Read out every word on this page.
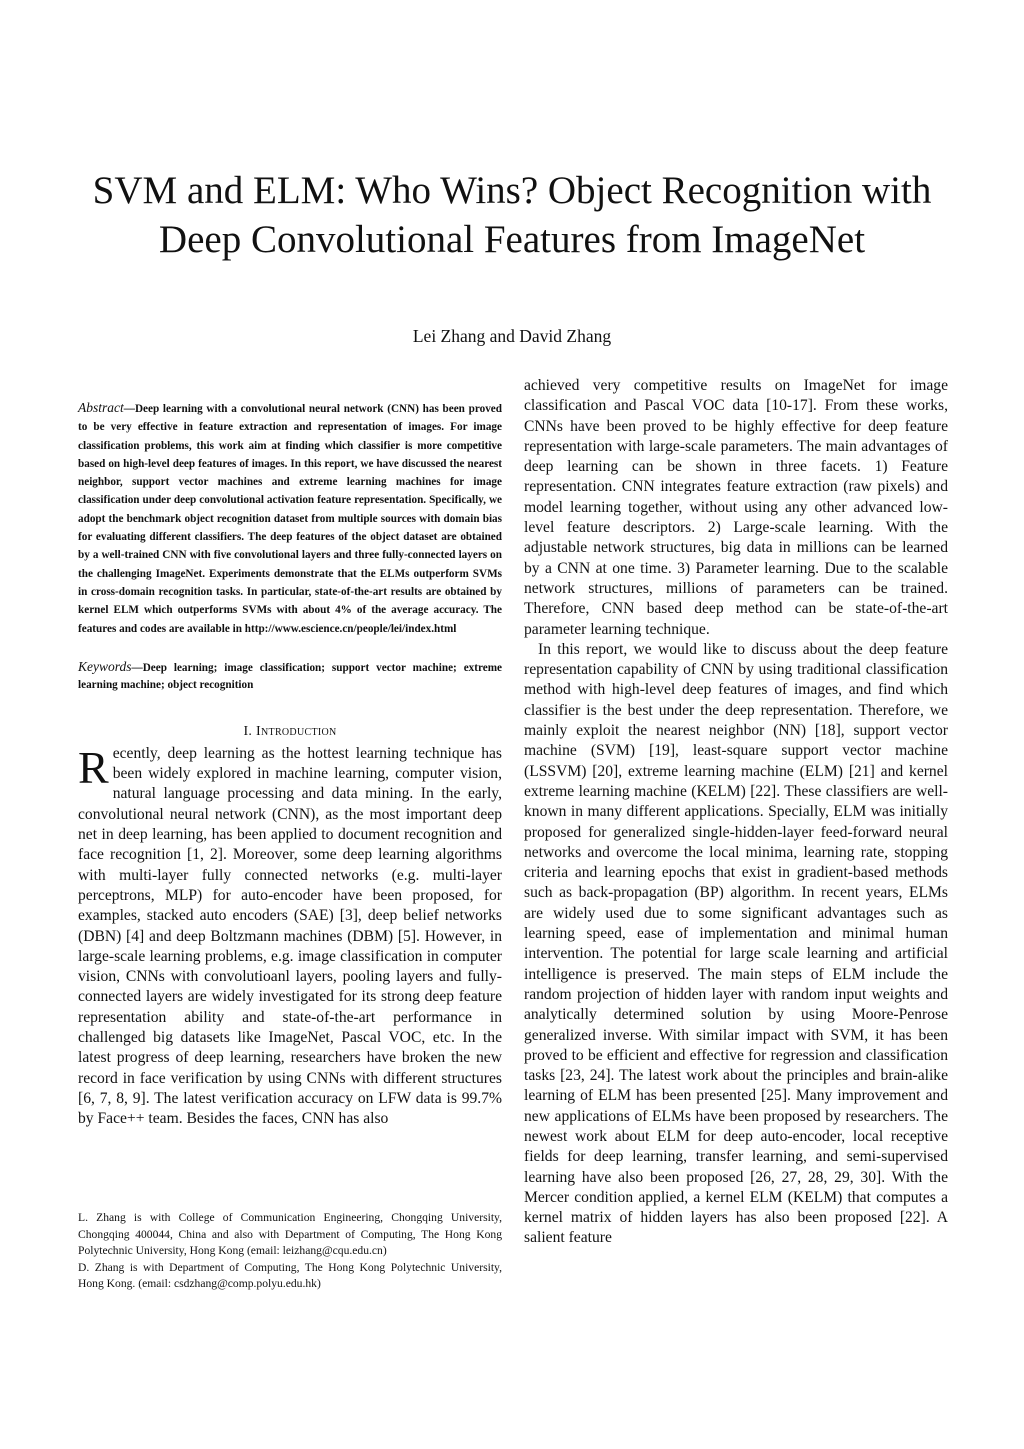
SVM and ELM: Who Wins? Object Recognition with Deep Convolutional Features from ImageNet
Lei Zhang and David Zhang

Abstract—Deep learning with a convolutional neural network (CNN) has been proved to be very effective in feature extraction and representation of images. For image classification problems, this work aim at finding which classifier is more competitive based on high-level deep features of images. In this report, we have discussed the nearest neighbor, support vector machines and extreme learning machines for image classification under deep convolutional activation feature representation. Specifically, we adopt the benchmark object recognition dataset from multiple sources with domain bias for evaluating different classifiers. The deep features of the object dataset are obtained by a well-trained CNN with five convolutional layers and three fully-connected layers on the challenging ImageNet. Experiments demonstrate that the ELMs outperform SVMs in cross-domain recognition tasks. In particular, state-of-the-art results are obtained by kernel ELM which outperforms SVMs with about 4% of the average accuracy. The features and codes are available in http://www.escience.cn/people/lei/index.html

Keywords—Deep learning; image classification; support vector machine; extreme learning machine; object recognition

I. Introduction

Recently, deep learning as the hottest learning technique has been widely explored in machine learning, computer vision, natural language processing and data mining. In the early, convolutional neural network (CNN), as the most important deep net in deep learning, has been applied to document recognition and face recognition [1, 2]. Moreover, some deep learning algorithms with multi-layer fully connected networks (e.g. multi-layer perceptrons, MLP) for auto-encoder have been proposed, for examples, stacked auto encoders (SAE) [3], deep belief networks (DBN) [4] and deep Boltzmann machines (DBM) [5]. However, in large-scale learning problems, e.g. image classification in computer vision, CNNs with convolutioanl layers, pooling layers and fully-connected layers are widely investigated for its strong deep feature representation ability and state-of-the-art performance in challenged big datasets like ImageNet, Pascal VOC, etc. In the latest progress of deep learning, researchers have broken the new record in face verification by using CNNs with different structures [6, 7, 8, 9]. The latest verification accuracy on LFW data is 99.7% by Face++ team. Besides the faces, CNN has also

achieved very competitive results on ImageNet for image classification and Pascal VOC data [10-17]. From these works, CNNs have been proved to be highly effective for deep feature representation with large-scale parameters. The main advantages of deep learning can be shown in three facets. 1) Feature representation. CNN integrates feature extraction (raw pixels) and model learning together, without using any other advanced low-level feature descriptors. 2) Large-scale learning. With the adjustable network structures, big data in millions can be learned by a CNN at one time. 3) Parameter learning. Due to the scalable network structures, millions of parameters can be trained. Therefore, CNN based deep method can be state-of-the-art parameter learning technique.

In this report, we would like to discuss about the deep feature representation capability of CNN by using traditional classification method with high-level deep features of images, and find which classifier is the best under the deep representation. Therefore, we mainly exploit the nearest neighbor (NN) [18], support vector machine (SVM) [19], least-square support vector machine (LSSVM) [20], extreme learning machine (ELM) [21] and kernel extreme learning machine (KELM) [22]. These classifiers are well-known in many different applications. Specially, ELM was initially proposed for generalized single-hidden-layer feed-forward neural networks and overcome the local minima, learning rate, stopping criteria and learning epochs that exist in gradient-based methods such as back-propagation (BP) algorithm. In recent years, ELMs are widely used due to some significant advantages such as learning speed, ease of implementation and minimal human intervention. The potential for large scale learning and artificial intelligence is preserved. The main steps of ELM include the random projection of hidden layer with random input weights and analytically determined solution by using Moore-Penrose generalized inverse. With similar impact with SVM, it has been proved to be efficient and effective for regression and classification tasks [23, 24]. The latest work about the principles and brain-alike learning of ELM has been presented [25]. Many improvement and new applications of ELMs have been proposed by researchers. The newest work about ELM for deep auto-encoder, local receptive fields for deep learning, transfer learning, and semi-supervised learning have also been proposed [26, 27, 28, 29, 30]. With the Mercer condition applied, a kernel ELM (KELM) that computes a kernel matrix of hidden layers has also been proposed [22]. A salient feature

L. Zhang is with College of Communication Engineering, Chongqing University, Chongqing 400044, China and also with Department of Computing, The Hong Kong Polytechnic University, Hong Kong (email: leizhang@cqu.edu.cn)

D. Zhang is with Department of Computing, The Hong Kong Polytechnic University, Hong Kong. (email: csdzhang@comp.polyu.edu.hk)
